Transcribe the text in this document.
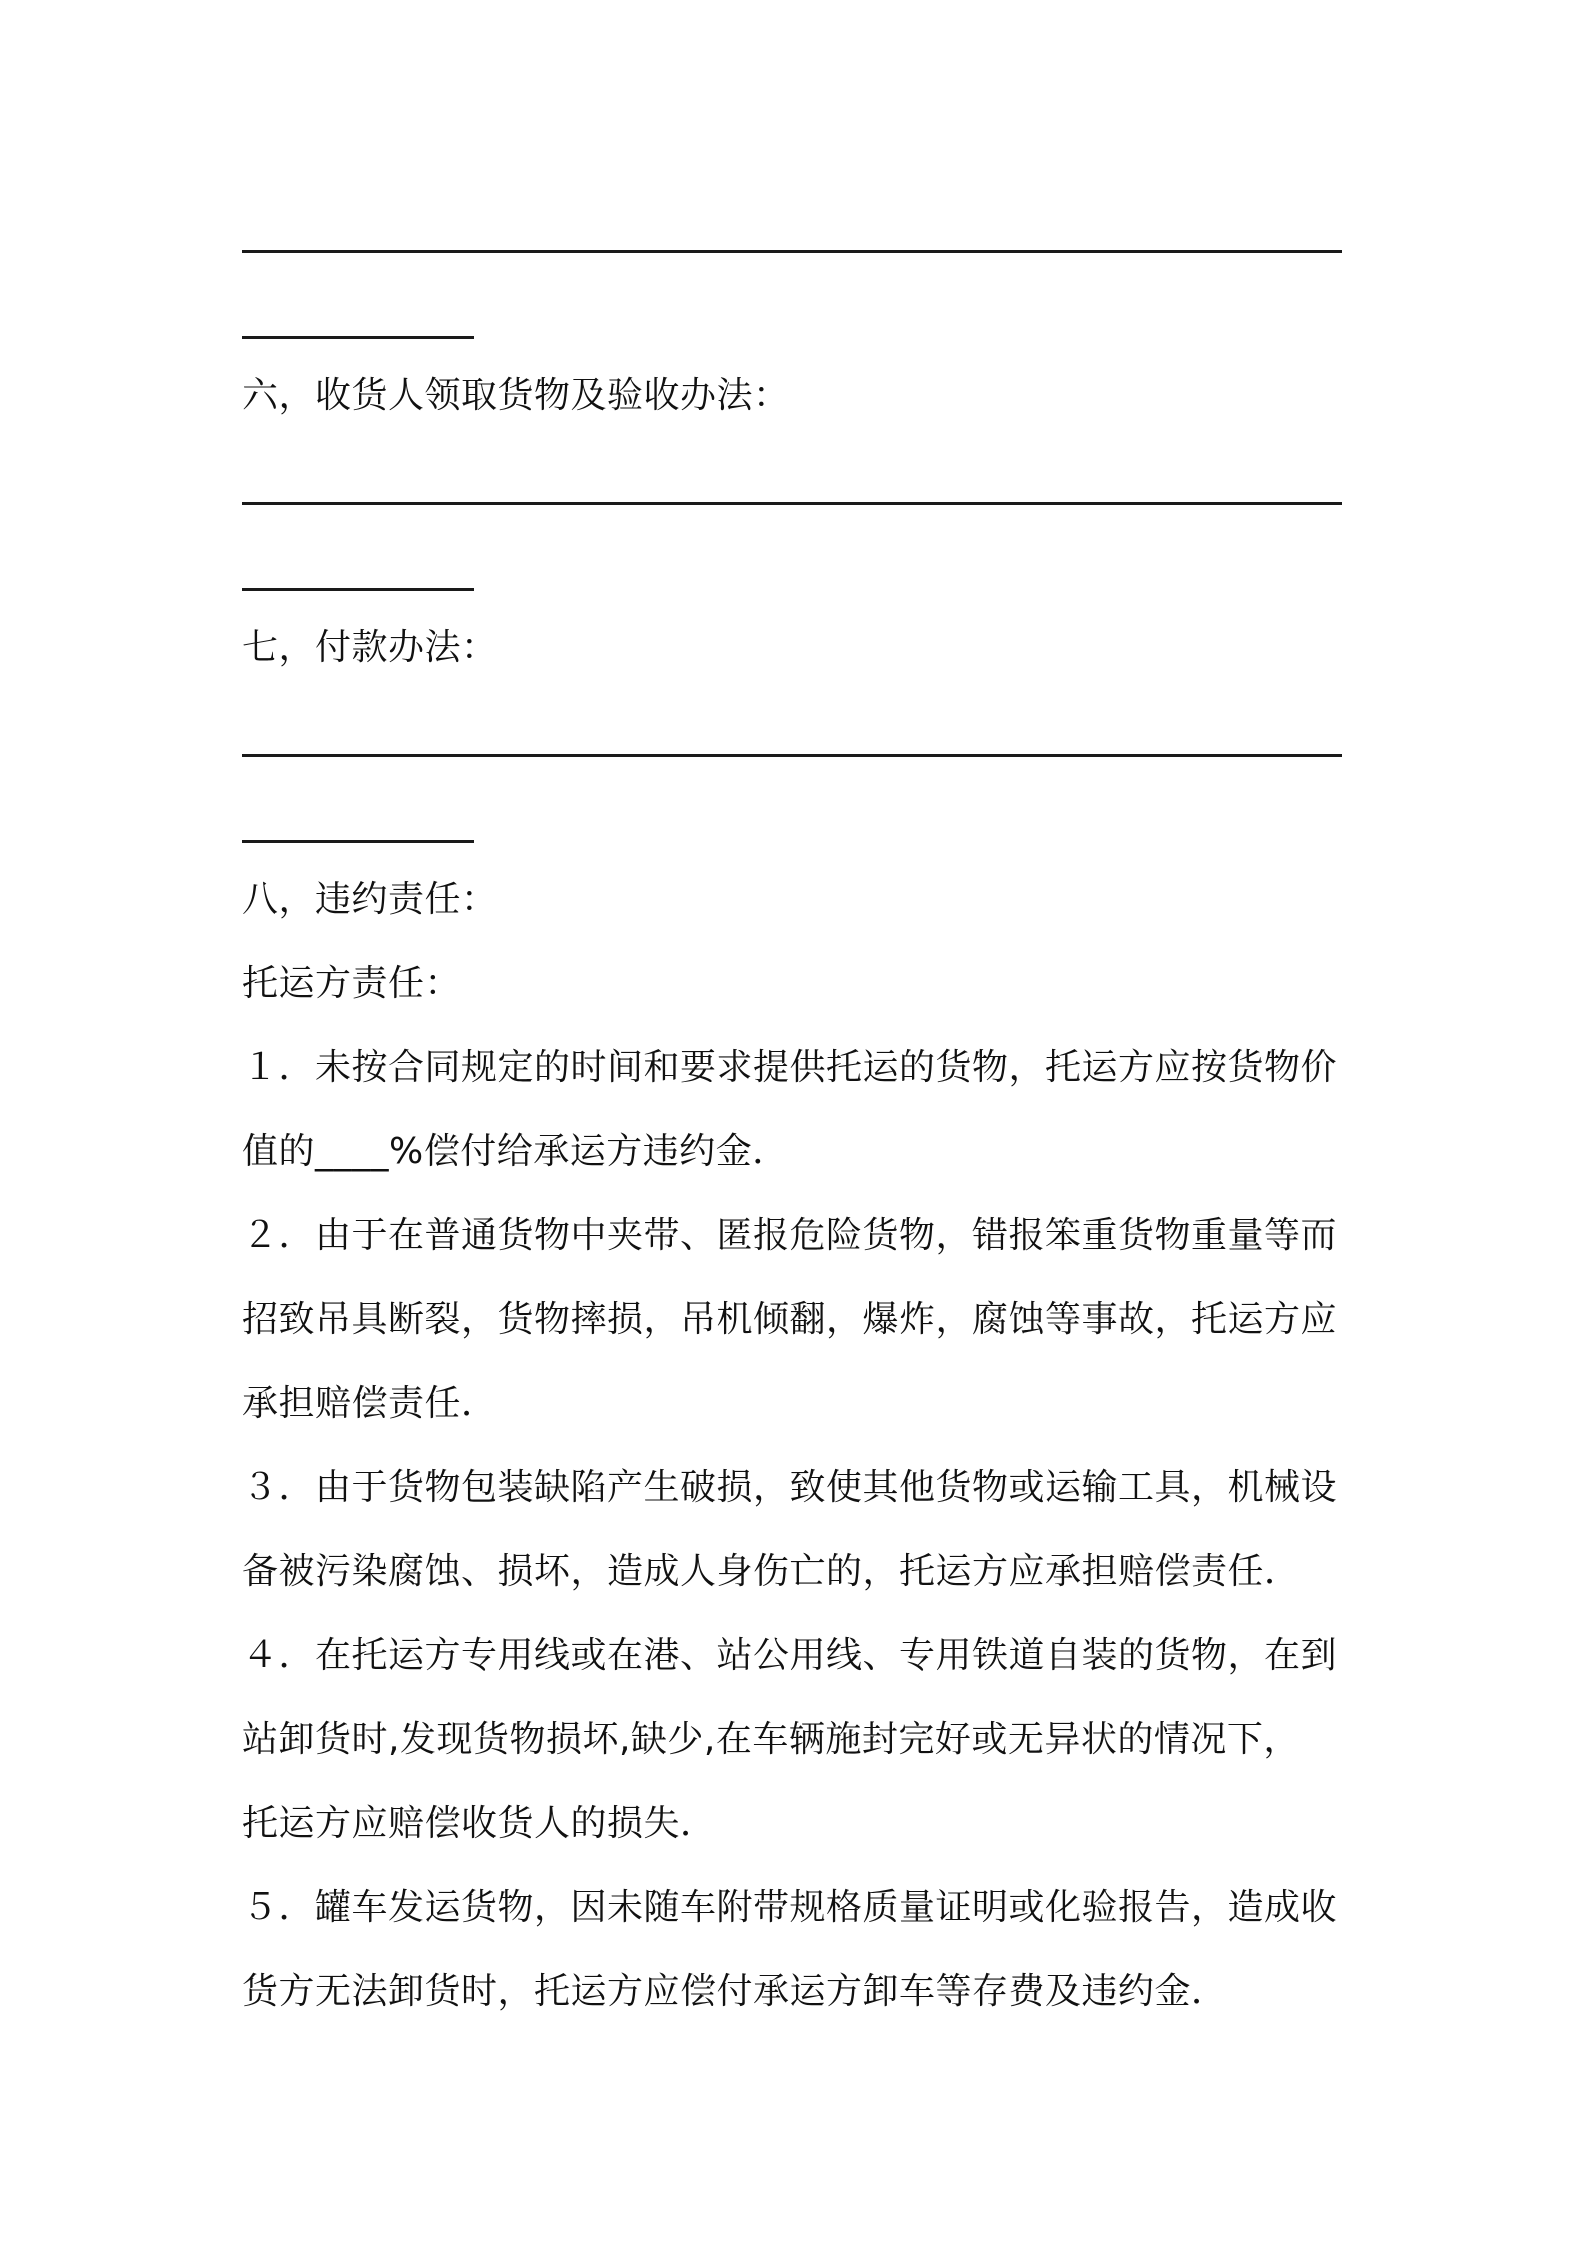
六，收货人领取货物及验收办法：
七，付款办法：
八，违约责任：
托运方责任：
１．未按合同规定的时间和要求提供托运的货物，托运方应按货物价
值的____%偿付给承运方违约金．
２．由于在普通货物中夹带、匿报危险货物，错报笨重货物重量等而
招致吊具断裂，货物摔损，吊机倾翻，爆炸，腐蚀等事故，托运方应
承担赔偿责任．
３．由于货物包装缺陷产生破损，致使其他货物或运输工具，机械设
备被污染腐蚀、损坏，造成人身伤亡的，托运方应承担赔偿责任．
４．在托运方专用线或在港、站公用线、专用铁道自装的货物，在到
站卸货时,发现货物损坏,缺少,在车辆施封完好或无异状的情况下，
托运方应赔偿收货人的损失．
５．罐车发运货物，因未随车附带规格质量证明或化验报告，造成收
货方无法卸货时，托运方应偿付承运方卸车等存费及违约金．
